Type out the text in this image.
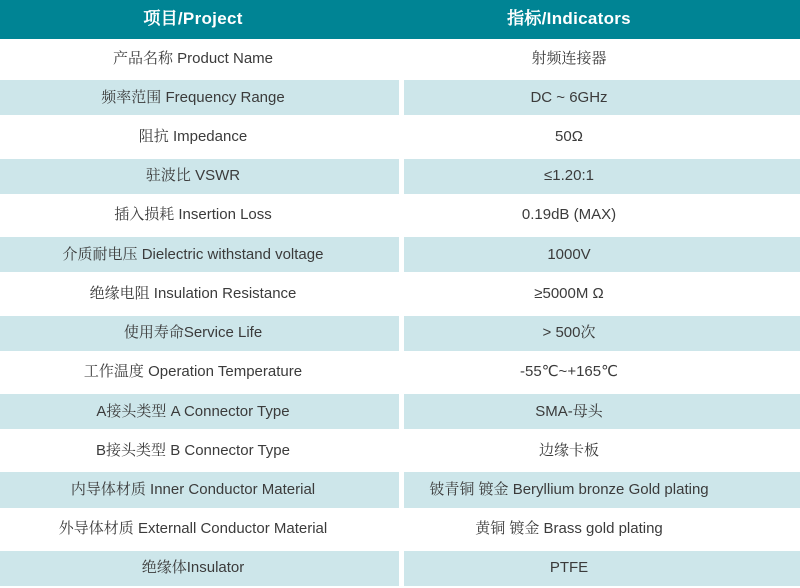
项目/Project	指标/Indicators
产品名称 Product Name	射频连接器
频率范围 Frequency Range	DC ~ 6GHz
阻抗 Impedance	50Ω
驻波比 VSWR	≤1.20:1
插入损耗 Insertion Loss	0.19dB (MAX)
介质耐电压 Dielectric withstand voltage	1000V
绝缘电阻 Insulation Resistance	≥5000M Ω
使用寿命Service Life	> 500次
工作温度 Operation Temperature	-55℃~+165℃
A接头类型 A Connector Type	SMA-母头
B接头类型 B Connector Type	边缘卡板
内导体材质 Inner Conductor Material	铍青铜 镀金 Beryllium bronze Gold plating
外导体材质 Externall Conductor Material	黄铜 镀金 Brass gold plating
绝缘体Insulator	PTFE
